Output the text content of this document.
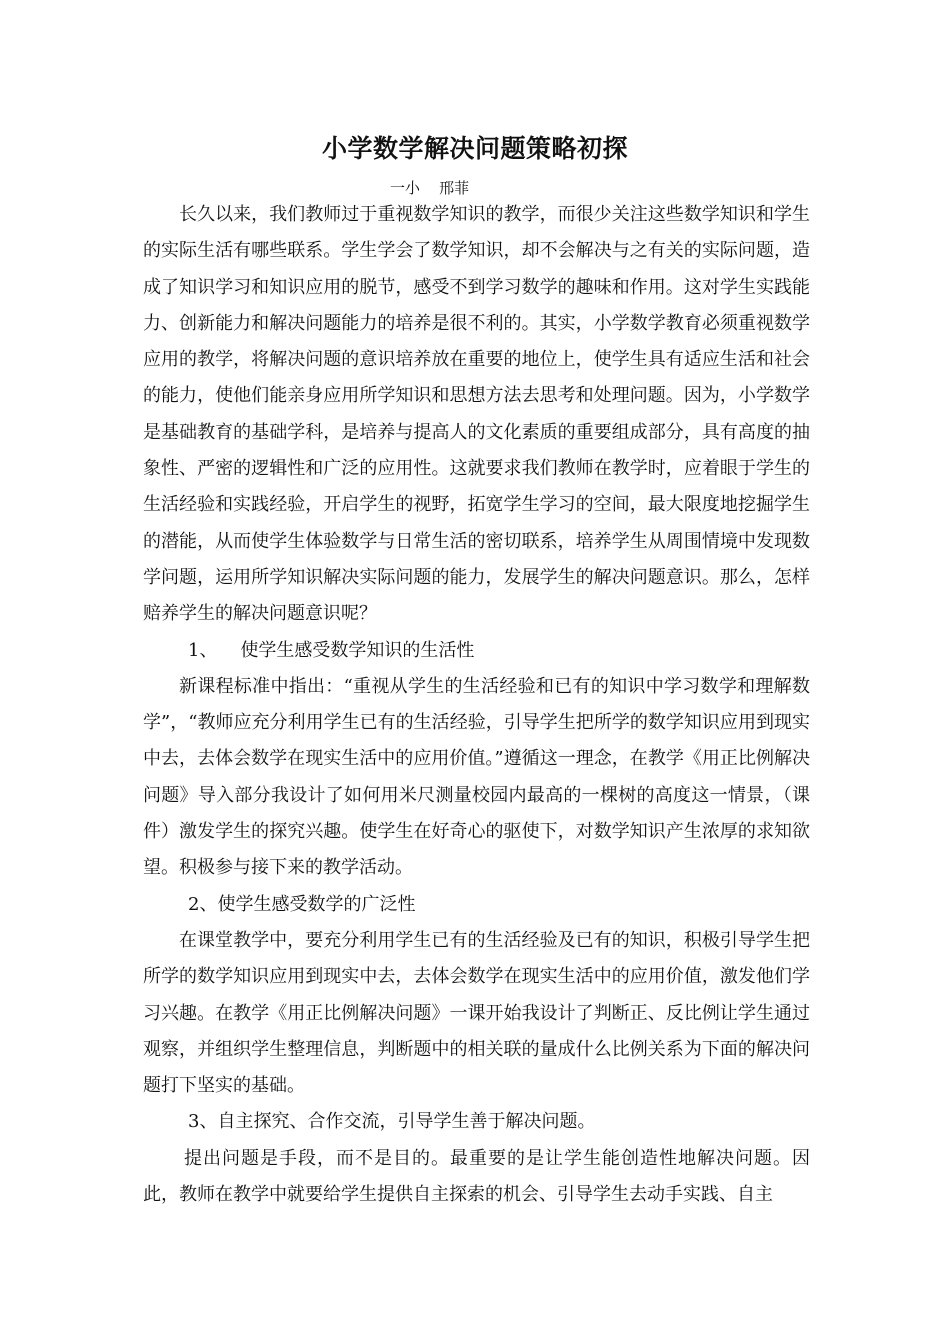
小学数学解决问题策略初探
一小    邢菲

长久以来，我们教师过于重视数学知识的教学，而很少关注这些数学知识和学生的实际生活有哪些联系。学生学会了数学知识，却不会解决与之有关的实际问题，造成了知识学习和知识应用的脱节，感受不到学习数学的趣味和作用。这对学生实践能力、创新能力和解决问题能力的培养是很不利的。其实，小学数学教育必须重视数学应用的教学，将解决问题的意识培养放在重要的地位上，使学生具有适应生活和社会的能力，使他们能亲身应用所学知识和思想方法去思考和处理问题。因为，小学数学是基础教育的基础学科，是培养与提高人的文化素质的重要组成部分，具有高度的抽象性、严密的逻辑性和广泛的应用性。这就要求我们教师在教学时，应着眼于学生的生活经验和实践经验，开启学生的视野，拓宽学生学习的空间，最大限度地挖掘学生的潜能，从而使学生体验数学与日常生活的密切联系，培养学生从周围情境中发现数学问题，运用所学知识解决实际问题的能力，发展学生的解决问题意识。那么，怎样赔养学生的解决问题意识呢？

1、    使学生感受数学知识的生活性

新课程标准中指出：“重视从学生的生活经验和已有的知识中学习数学和理解数学”，“教师应充分利用学生已有的生活经验，引导学生把所学的数学知识应用到现实中去，去体会数学在现实生活中的应用价值。”遵循这一理念，在教学《用正比例解决问题》导入部分我设计了如何用米尺测量校园内最高的一棵树的高度这一情景，（课件）激发学生的探究兴趣。使学生在好奇心的驱使下，对数学知识产生浓厚的求知欲望。积极参与接下来的教学活动。

2、使学生感受数学的广泛性

在课堂教学中，要充分利用学生已有的生活经验及已有的知识，积极引导学生把所学的数学知识应用到现实中去，去体会数学在现实生活中的应用价值，激发他们学习兴趣。在教学《用正比例解决问题》一课开始我设计了判断正、反比例让学生通过观察，并组织学生整理信息，判断题中的相关联的量成什么比例关系为下面的解决问题打下坚实的基础。

3、自主探究、合作交流，引导学生善于解决问题。

提出问题是手段，而不是目的。最重要的是让学生能创造性地解决问题。因此，教师在教学中就要给学生提供自主探索的机会、引导学生去动手实践、自主
